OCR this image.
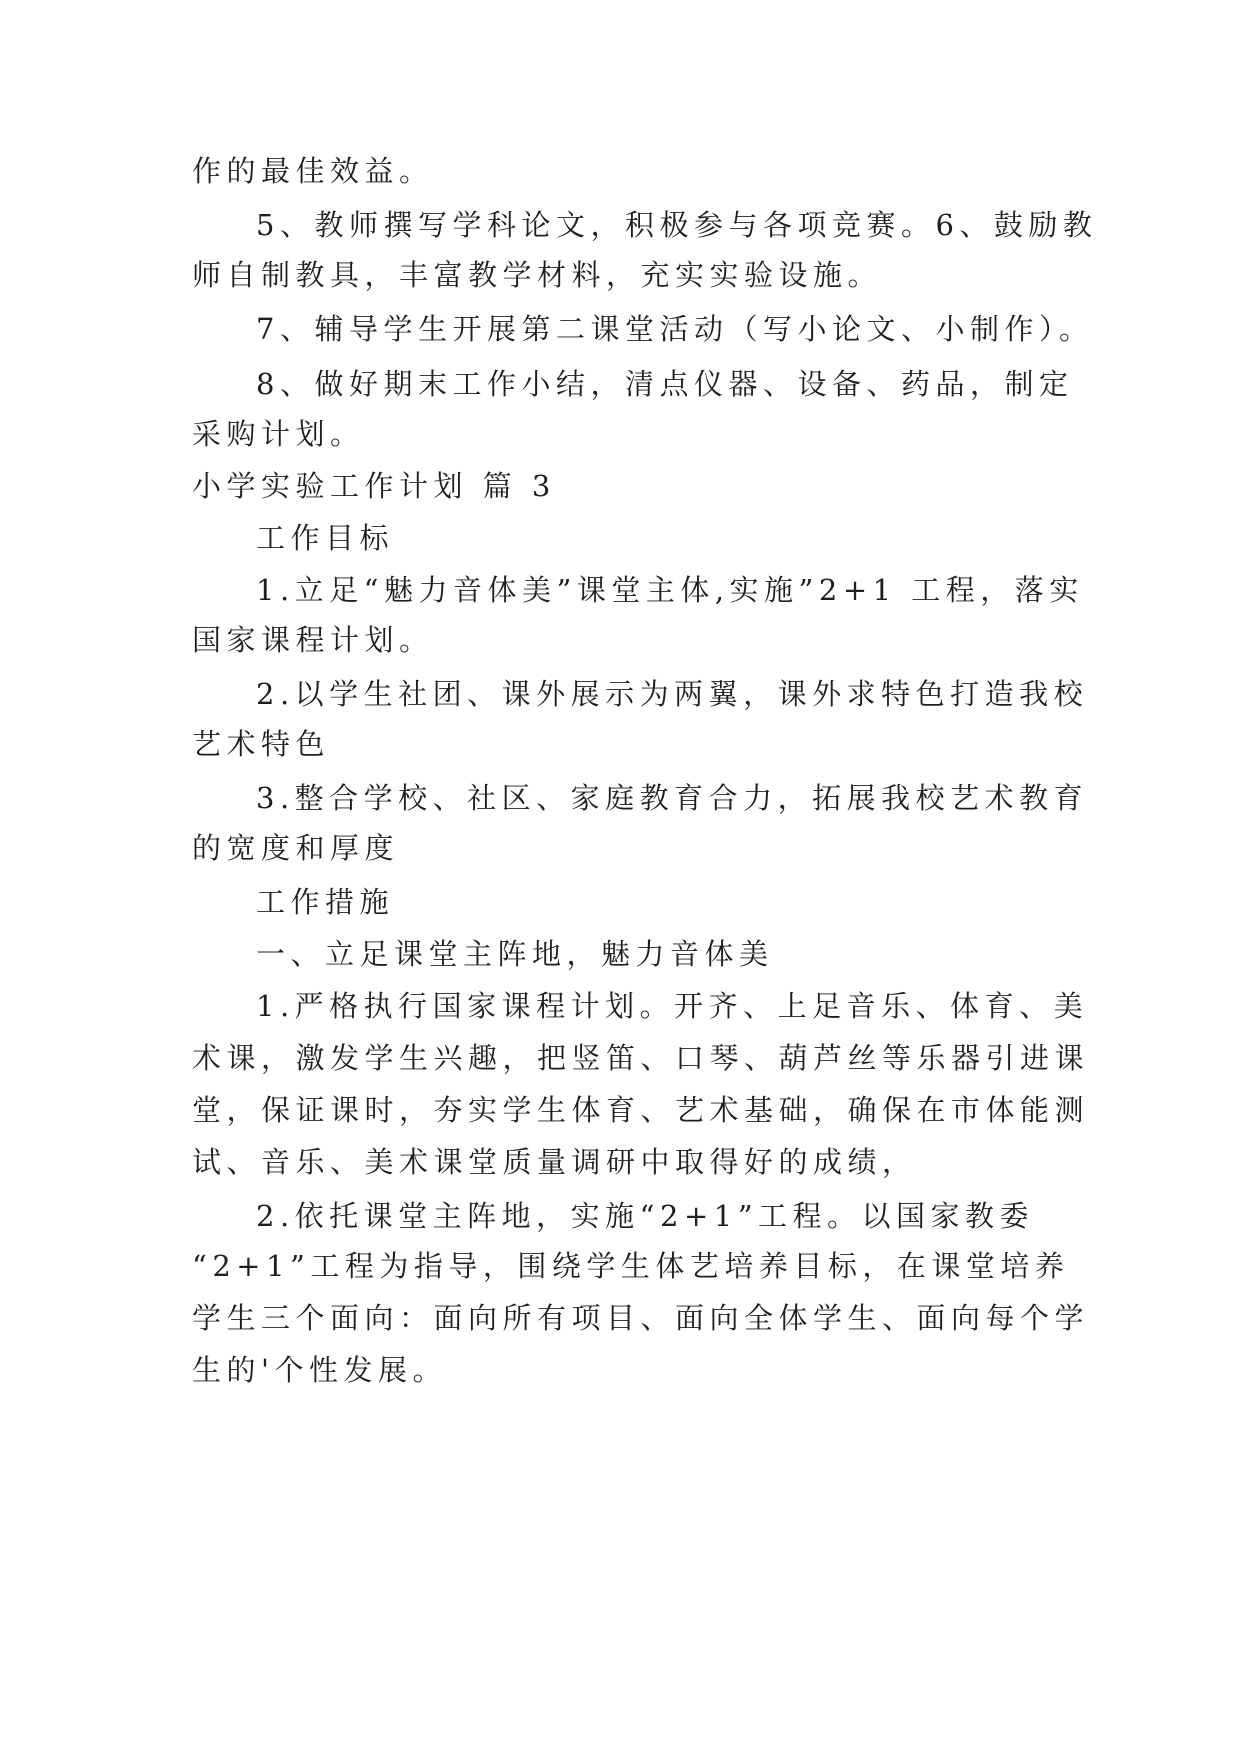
作的最佳效益。
5、教师撰写学科论文，积极参与各项竞赛。6、鼓励教
师自制教具，丰富教学材料，充实实验设施。
7、辅导学生开展第二课堂活动（写小论文、小制作）。
8、做好期末工作小结，清点仪器、设备、药品，制定
采购计划。
小学实验工作计划 篇 3
工作目标
1.立足“魅力音体美”课堂主体,实施”2+1 工程，落实
国家课程计划。
2.以学生社团、课外展示为两翼，课外求特色打造我校
艺术特色
3.整合学校、社区、家庭教育合力，拓展我校艺术教育
的宽度和厚度
工作措施
一、立足课堂主阵地，魅力音体美
1.严格执行国家课程计划。开齐、上足音乐、体育、美
术课，激发学生兴趣，把竖笛、口琴、葫芦丝等乐器引进课
堂，保证课时，夯实学生体育、艺术基础，确保在市体能测
试、音乐、美术课堂质量调研中取得好的成绩，
2.依托课堂主阵地，实施“2+1”工程。以国家教委
“2+1”工程为指导，围绕学生体艺培养目标，在课堂培养
学生三个面向：面向所有项目、面向全体学生、面向每个学
生的'个性发展。
